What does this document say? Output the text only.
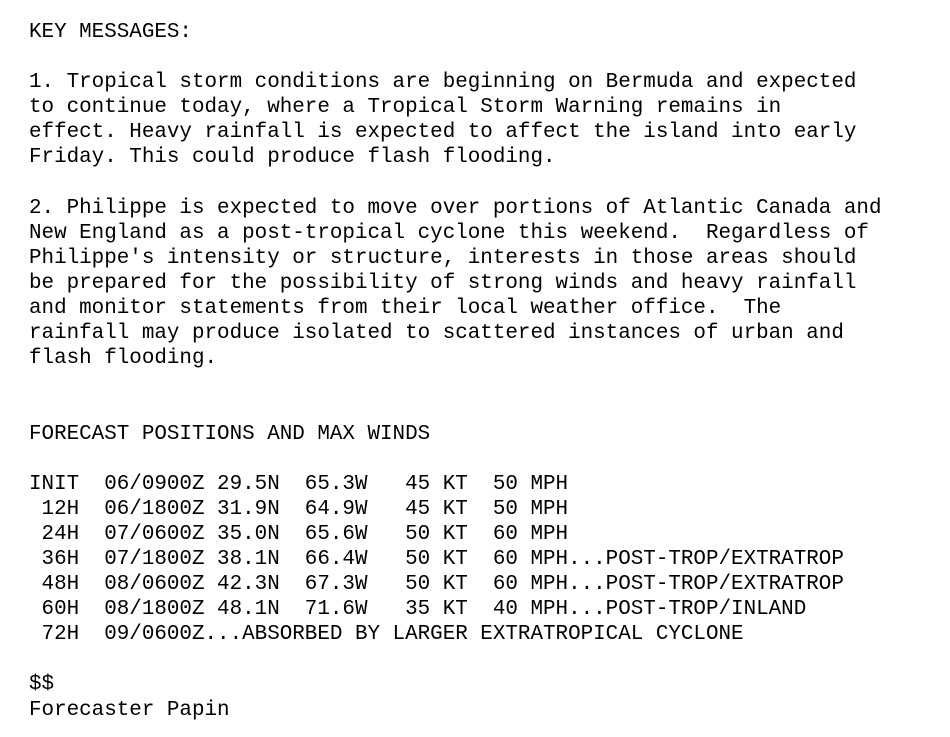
KEY MESSAGES:

1. Tropical storm conditions are beginning on Bermuda and expected
to continue today, where a Tropical Storm Warning remains in
effect. Heavy rainfall is expected to affect the island into early
Friday. This could produce flash flooding.

2. Philippe is expected to move over portions of Atlantic Canada and
New England as a post-tropical cyclone this weekend.  Regardless of
Philippe's intensity or structure, interests in those areas should
be prepared for the possibility of strong winds and heavy rainfall
and monitor statements from their local weather office.  The
rainfall may produce isolated to scattered instances of urban and
flash flooding.

FORECAST POSITIONS AND MAX WINDS

INIT  06/0900Z 29.5N  65.3W   45 KT  50 MPH
12H  06/1800Z 31.9N  64.9W   45 KT  50 MPH
24H  07/0600Z 35.0N  65.6W   50 KT  60 MPH
36H  07/1800Z 38.1N  66.4W   50 KT  60 MPH...POST-TROP/EXTRATROP
48H  08/0600Z 42.3N  67.3W   50 KT  60 MPH...POST-TROP/EXTRATROP
60H  08/1800Z 48.1N  71.6W   35 KT  40 MPH...POST-TROP/INLAND
72H  09/0600Z...ABSORBED BY LARGER EXTRATROPICAL CYCLONE

$$
Forecaster Papin
